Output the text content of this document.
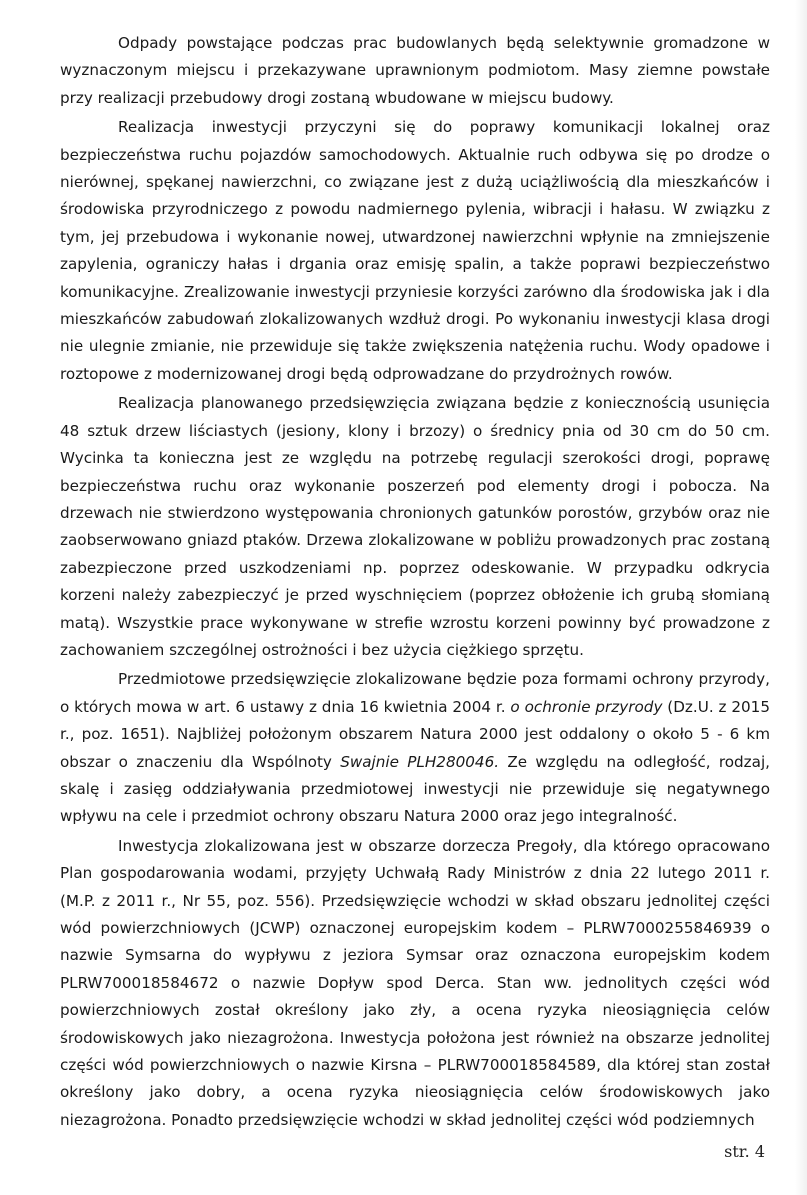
Odpady powstające podczas prac budowlanych będą selektywnie gromadzone w wyznaczonym miejscu i przekazywane uprawnionym podmiotom. Masy ziemne powstałe przy realizacji przebudowy drogi zostaną wbudowane w miejscu budowy.

Realizacja inwestycji przyczyni się do poprawy komunikacji lokalnej oraz bezpieczeństwa ruchu pojazdów samochodowych. Aktualnie ruch odbywa się po drodze o nierównej, spękanej nawierzchni, co związane jest z dużą uciążliwością dla mieszkańców i środowiska przyrodniczego z powodu nadmiernego pylenia, wibracji i hałasu. W związku z tym, jej przebudowa i wykonanie nowej, utwardzonej nawierzchni wpłynie na zmniejszenie zapylenia, ograniczy hałas i drgania oraz emisję spalin, a także poprawi bezpieczeństwo komunikacyjne. Zrealizowanie inwestycji przyniesie korzyści zarówno dla środowiska jak i dla mieszkańców zabudowań zlokalizowanych wzdłuż drogi. Po wykonaniu inwestycji klasa drogi nie ulegnie zmianie, nie przewiduje się także zwiększenia natężenia ruchu. Wody opadowe i roztopowe z modernizowanej drogi będą odprowadzane do przydrożnych rowów.

Realizacja planowanego przedsięwzięcia związana będzie z koniecznością usunięcia 48 sztuk drzew liściastych (jesiony, klony i brzozy) o średnicy pnia od 30 cm do 50 cm. Wycinka ta konieczna jest ze względu na potrzebę regulacji szerokości drogi, poprawę bezpieczeństwa ruchu oraz wykonanie poszerzeń pod elementy drogi i pobocza. Na drzewach nie stwierdzono występowania chronionych gatunków porostów, grzybów oraz nie zaobserwowano gniazd ptaków. Drzewa zlokalizowane w pobliżu prowadzonych prac zostaną zabezpieczone przed uszkodzeniami np. poprzez odeskowanie. W przypadku odkrycia korzeni należy zabezpieczyć je przed wyschnięciem (poprzez obłożenie ich grubą słomianą matą). Wszystkie prace wykonywane w strefie wzrostu korzeni powinny być prowadzone z zachowaniem szczególnej ostrożności i bez użycia ciężkiego sprzętu.

Przedmiotowe przedsięwzięcie zlokalizowane będzie poza formami ochrony przyrody, o których mowa w art. 6 ustawy z dnia 16 kwietnia 2004 r. o ochronie przyrody (Dz.U. z 2015 r., poz. 1651). Najbliżej położonym obszarem Natura 2000 jest oddalony o około 5 - 6 km obszar o znaczeniu dla Wspólnoty Swajnie PLH280046. Ze względu na odległość, rodzaj, skalę i zasięg oddziaływania przedmiotowej inwestycji nie przewiduje się negatywnego wpływu na cele i przedmiot ochrony obszaru Natura 2000 oraz jego integralność.

Inwestycja zlokalizowana jest w obszarze dorzecza Pregoły, dla którego opracowano Plan gospodarowania wodami, przyjęty Uchwałą Rady Ministrów z dnia 22 lutego 2011 r. (M.P. z 2011 r., Nr 55, poz. 556). Przedsięwzięcie wchodzi w skład obszaru jednolitej części wód powierzchniowych (JCWP) oznaczonej europejskim kodem – PLRW7000255846939 o nazwie Symsarna do wypływu z jeziora Symsar oraz oznaczona europejskim kodem PLRW700018584672 o nazwie Dopływ spod Derca. Stan ww. jednolitych części wód powierzchniowych został określony jako zły, a ocena ryzyka nieosiągnięcia celów środowiskowych jako niezagrożona. Inwestycja położona jest również na obszarze jednolitej części wód powierzchniowych o nazwie Kirsna – PLRW700018584589, dla której stan został określony jako dobry, a ocena ryzyka nieosiągnięcia celów środowiskowych jako niezagrożona. Ponadto przedsięwzięcie wchodzi w skład jednolitej części wód podziemnych

str. 4
